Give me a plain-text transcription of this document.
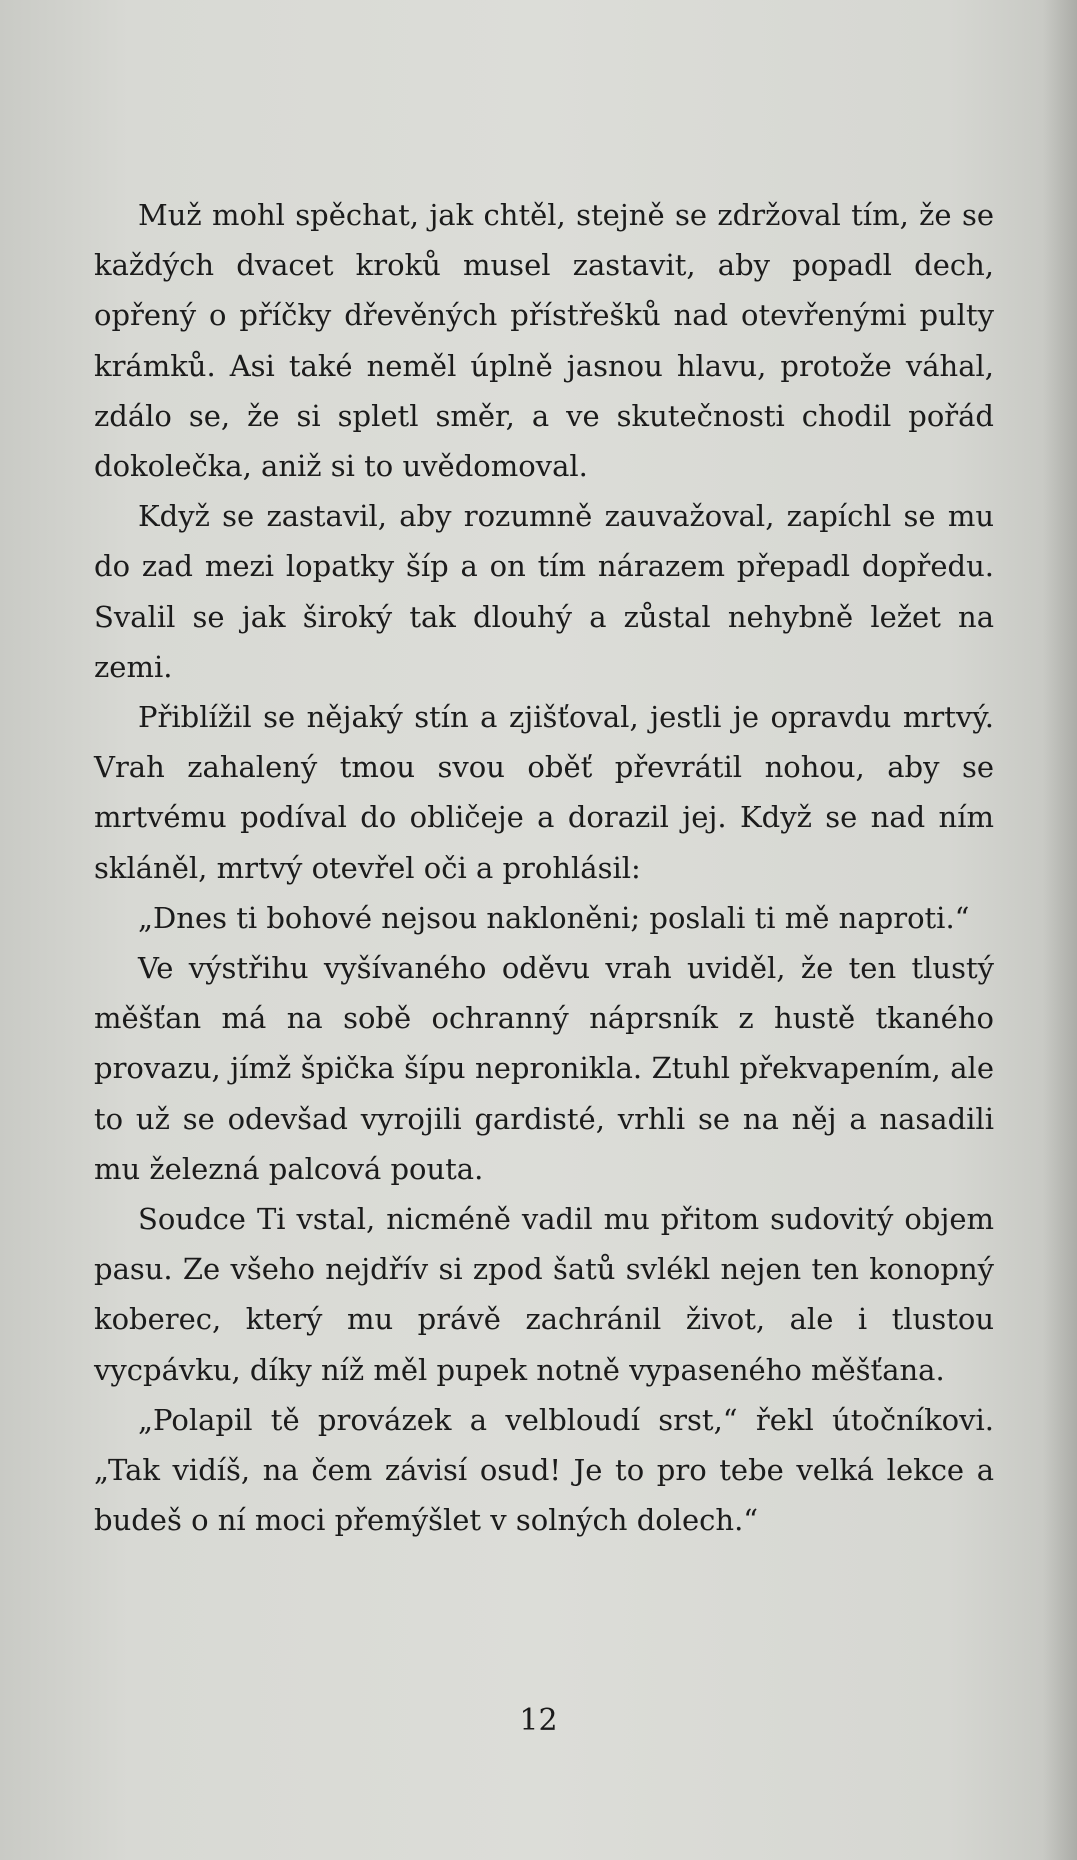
Muž mohl spěchat, jak chtěl, stejně se zdržoval tím, že se každých dvacet kroků musel zastavit, aby popadl dech, opřený o příčky dřevěných přístřešků nad otevřenými pulty krámků. Asi také neměl úplně jasnou hlavu, protože váhal, zdálo se, že si spletl směr, a ve skutečnosti chodil pořád dokolečka, aniž si to uvědomoval.

Když se zastavil, aby rozumně zauvažoval, zapíchl se mu do zad mezi lopatky šíp a on tím nárazem přepadl dopředu. Svalil se jak široký tak dlouhý a zůstal nehybně ležet na zemi.

Přiblížil se nějaký stín a zjišťoval, jestli je opravdu mrtvý. Vrah zahalený tmou svou oběť převrátil nohou, aby se mrtvému podíval do obličeje a dorazil jej. Když se nad ním skláněl, mrtvý otevřel oči a prohlásil:

„Dnes ti bohové nejsou nakloněni; poslali ti mě naproti.“

Ve výstřihu vyšívaného oděvu vrah uviděl, že ten tlustý měšťan má na sobě ochranný náprsník z hustě tkaného provazu, jímž špička šípu nepronikla. Ztuhl překvapením, ale to už se odevšad vyrojili gardisté, vrhli se na něj a nasadili mu železná palcová pouta.

Soudce Ti vstal, nicméně vadil mu přitom sudovitý objem pasu. Ze všeho nejdřív si zpod šatů svlékl nejen ten konopný koberec, který mu právě zachránil život, ale i tlustou vycpávku, díky níž měl pupek notně vypaseného měšťana.

„Polapil tě provázek a velbloudí srst,“ řekl útočníkovi. „Tak vidíš, na čem závisí osud! Je to pro tebe velká lekce a budeš o ní moci přemýšlet v solných dolech.“

12
